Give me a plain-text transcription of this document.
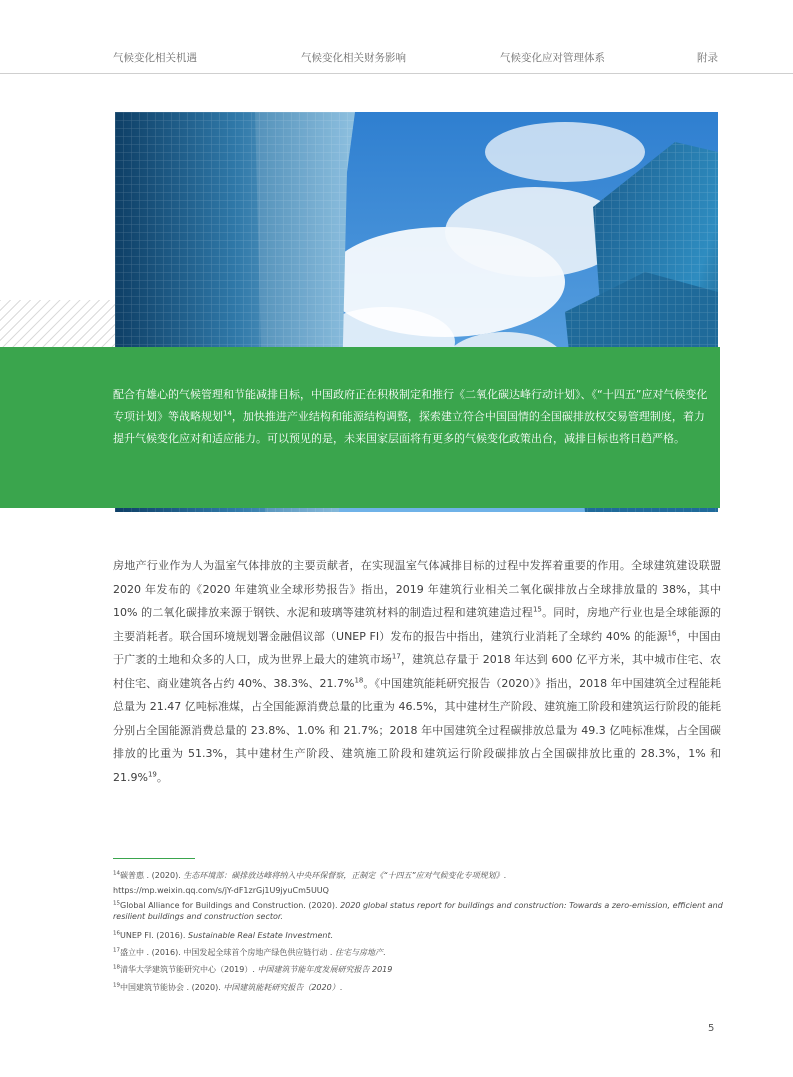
气候变化相关机遇	气候变化相关财务影响	气候变化应对管理体系	附录
配合有雄心的气候管理和节能减排目标，中国政府正在积极制定和推行《二氧化碳达峰行动计划》、《“十四五”应对气候变化专项计划》等战略规划$^{14}$，加快推进产业结构和能源结构调整，探索建立符合中国国情的全国碳排放权交易管理制度，着力提升气候变化应对和适应能力。可以预见的是，未来国家层面将有更多的气候变化政策出台，减排目标也将日趋严格。
房地产行业作为人为温室气体排放的主要贡献者，在实现温室气体减排目标的过程中发挥着重要的作用。全球建筑建设联盟 2020 年发布的《2020 年建筑业全球形势报告》指出，2019 年建筑行业相关二氧化碳排放占全球排放量的 38%，其中 10% 的二氧化碳排放来源于钢铁、水泥和玻璃等建筑材料的制造过程和建筑建造过程$^{15}$。同时，房地产行业也是全球能源的主要消耗者。联合国环境规划署金融倡议部（UNEP FI）发布的报告中指出，建筑行业消耗了全球约 40% 的能源$^{16}$，中国由于广袤的土地和众多的人口，成为世界上最大的建筑市场$^{17}$，建筑总存量于 2018 年达到 600 亿平方米，其中城市住宅、农村住宅、商业建筑各占约 40%、38.3%、21.7%$^{18}$。《中国建筑能耗研究报告（2020）》指出，2018 年中国建筑全过程能耗总量为 21.47 亿吨标准煤，占全国能源消费总量的比重为 46.5%，其中建材生产阶段、建筑施工阶段和建筑运行阶段的能耗分别占全国能源消费总量的 23.8%、1.0% 和 21.7%；2018 年中国建筑全过程碳排放总量为 49.3 亿吨标准煤，占全国碳排放的比重为 51.3%，其中建材生产阶段、建筑施工阶段和建筑运行阶段碳排放占全国碳排放比重的 28.3%，1% 和 21.9%$^{19}$。
$^{14}$碳普惠 . (2020). 生态环境部：碳排放达峰将纳入中央环保督察，正制定《“十四五”应对气候变化专项规划》.
https://mp.weixin.qq.com/s/jY-dF1zrGj1U9jyuCm5UUQ
$^{15}$Global Alliance for Buildings and Construction. (2020). 2020 global status report for buildings and construction: Towards a zero-emission, efficient and resilient buildings and construction sector.
$^{16}$UNEP FI. (2016). Sustainable Real Estate Investment.
$^{17}$盛立中 . (2016). 中国发起全球首个房地产绿色供应链行动 . 住宅与房地产.
$^{18}$清华大学建筑节能研究中心（2019）. 中国建筑节能年度发展研究报告 2019
$^{19}$中国建筑节能协会 . (2020). 中国建筑能耗研究报告（2020）.
5
